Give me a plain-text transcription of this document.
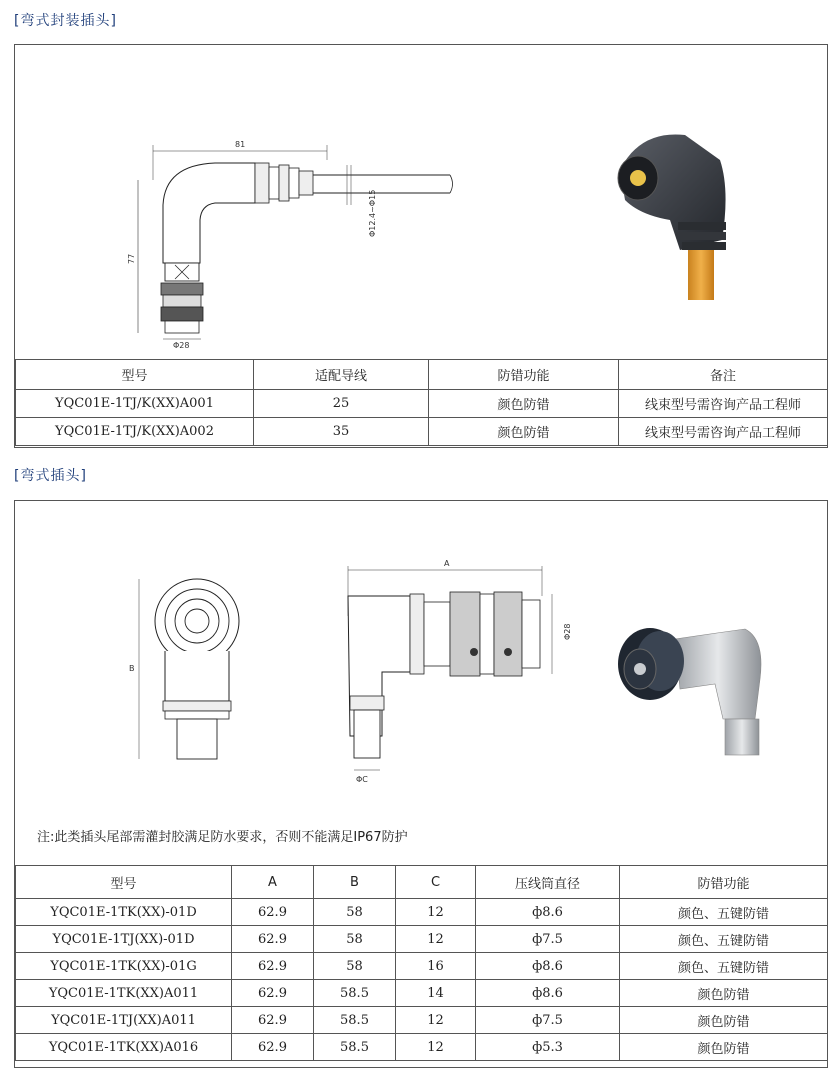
[弯式封装插头]
81
77
Φ12.4~Φ15
Φ28
型号	适配导线	防错功能	备注
YQC01E-1TJ/K(XX)A001	25	颜色防错	线束型号需咨询产品工程师
YQC01E-1TJ/K(XX)A002	35	颜色防错	线束型号需咨询产品工程师
[弯式插头]
B
A
Φ28
ΦC
注:此类插头尾部需灌封胶满足防水要求，否则不能满足IP67防护
型号	A	B	C	压线筒直径	防错功能
YQC01E-1TK(XX)-01D	62.9	58	12	ф8.6	颜色、五键防错
YQC01E-1TJ(XX)-01D	62.9	58	12	ф7.5	颜色、五键防错
YQC01E-1TK(XX)-01G	62.9	58	16	ф8.6	颜色、五键防错
YQC01E-1TK(XX)A011	62.9	58.5	14	ф8.6	颜色防错
YQC01E-1TJ(XX)A011	62.9	58.5	12	ф7.5	颜色防错
YQC01E-1TK(XX)A016	62.9	58.5	12	ф5.3	颜色防错
